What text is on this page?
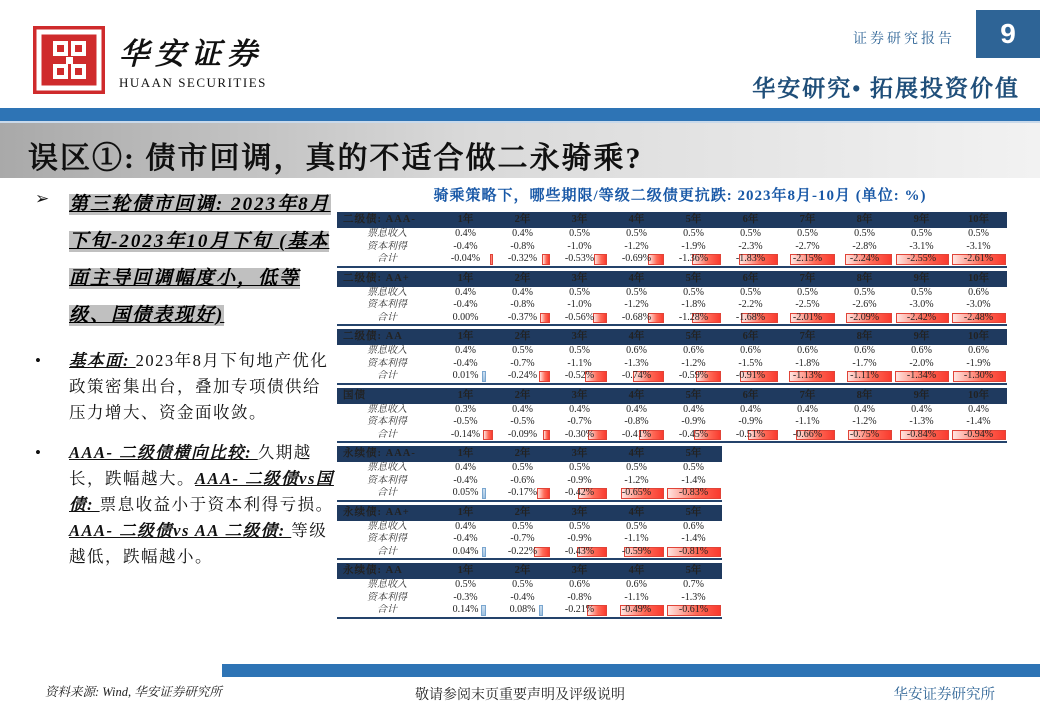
华安证券
HUAAN SECURITIES
证券研究报告	9
华安研究• 拓展投资价值
误区①: 债市回调，真的不适合做二永骑乘?
➢	第三轮债市回调: 2023年8月下旬-2023年10月下旬 (基本面主导回调幅度小，低等级、国债表现好)
•	基本面: 2023年8月下旬地产优化政策密集出台，叠加专项债供给压力增大、资金面收敛。
•	AAA- 二级债横向比较: 久期越长，跌幅越大。AAA- 二级债vs国债: 票息收益小于资本利得亏损。AAA- 二级债vs AA 二级债: 等级越低，跌幅越小。
骑乘策略下，哪些期限/等级二级债更抗跌: 2023年8月-10月 (单位: %)
二级债: AAA-	1年	2年	3年	4年	5年	6年	7年	8年	9年	10年
票息收入	0.4%	0.4%	0.5%	0.5%	0.5%	0.5%	0.5%	0.5%	0.5%	0.5%
资本利得	-0.4%	-0.8%	-1.0%	-1.2%	-1.9%	-2.3%	-2.7%	-2.8%	-3.1%	-3.1%
合计	-0.04%	-0.32%	-0.53%	-0.69%	-1.36%	-1.83%	-2.15%	-2.24%	-2.55%	-2.61%
二级债: AA+	1年	2年	3年	4年	5年	6年	7年	8年	9年	10年
票息收入	0.4%	0.4%	0.5%	0.5%	0.5%	0.5%	0.5%	0.5%	0.5%	0.6%
资本利得	-0.4%	-0.8%	-1.0%	-1.2%	-1.8%	-2.2%	-2.5%	-2.6%	-3.0%	-3.0%
合计	0.00%	-0.37%	-0.56%	-0.68%	-1.28%	-1.68%	-2.01%	-2.09%	-2.42%	-2.48%
二级债: AA	1年	2年	3年	4年	5年	6年	7年	8年	9年	10年
票息收入	0.4%	0.5%	0.5%	0.6%	0.6%	0.6%	0.6%	0.6%	0.6%	0.6%
资本利得	-0.4%	-0.7%	-1.1%	-1.3%	-1.2%	-1.5%	-1.8%	-1.7%	-2.0%	-1.9%
合计	0.01%	-0.24%	-0.52%	-0.74%	-0.59%	-0.91%	-1.13%	-1.11%	-1.34%	-1.30%
国债	1年	2年	3年	4年	5年	6年	7年	8年	9年	10年
票息收入	0.3%	0.4%	0.4%	0.4%	0.4%	0.4%	0.4%	0.4%	0.4%	0.4%
资本利得	-0.5%	-0.5%	-0.7%	-0.8%	-0.9%	-0.9%	-1.1%	-1.2%	-1.3%	-1.4%
合计	-0.14%	-0.09%	-0.30%	-0.41%	-0.45%	-0.51%	-0.66%	-0.75%	-0.84%	-0.94%
永续债: AAA-	1年	2年	3年	4年	5年
票息收入	0.4%	0.5%	0.5%	0.5%	0.5%
资本利得	-0.4%	-0.6%	-0.9%	-1.2%	-1.4%
合计	0.05%	-0.17%	-0.42%	-0.65%	-0.83%
永续债: AA+	1年	2年	3年	4年	5年
票息收入	0.4%	0.5%	0.5%	0.5%	0.6%
资本利得	-0.4%	-0.7%	-0.9%	-1.1%	-1.4%
合计	0.04%	-0.22%	-0.43%	-0.59%	-0.81%
永续债: AA	1年	2年	3年	4年	5年
票息收入	0.5%	0.5%	0.6%	0.6%	0.7%
资本利得	-0.3%	-0.4%	-0.8%	-1.1%	-1.3%
合计	0.14%	0.08%	-0.21%	-0.49%	-0.61%
资料来源: Wind, 华安证券研究所	敬请参阅末页重要声明及评级说明	华安证券研究所
